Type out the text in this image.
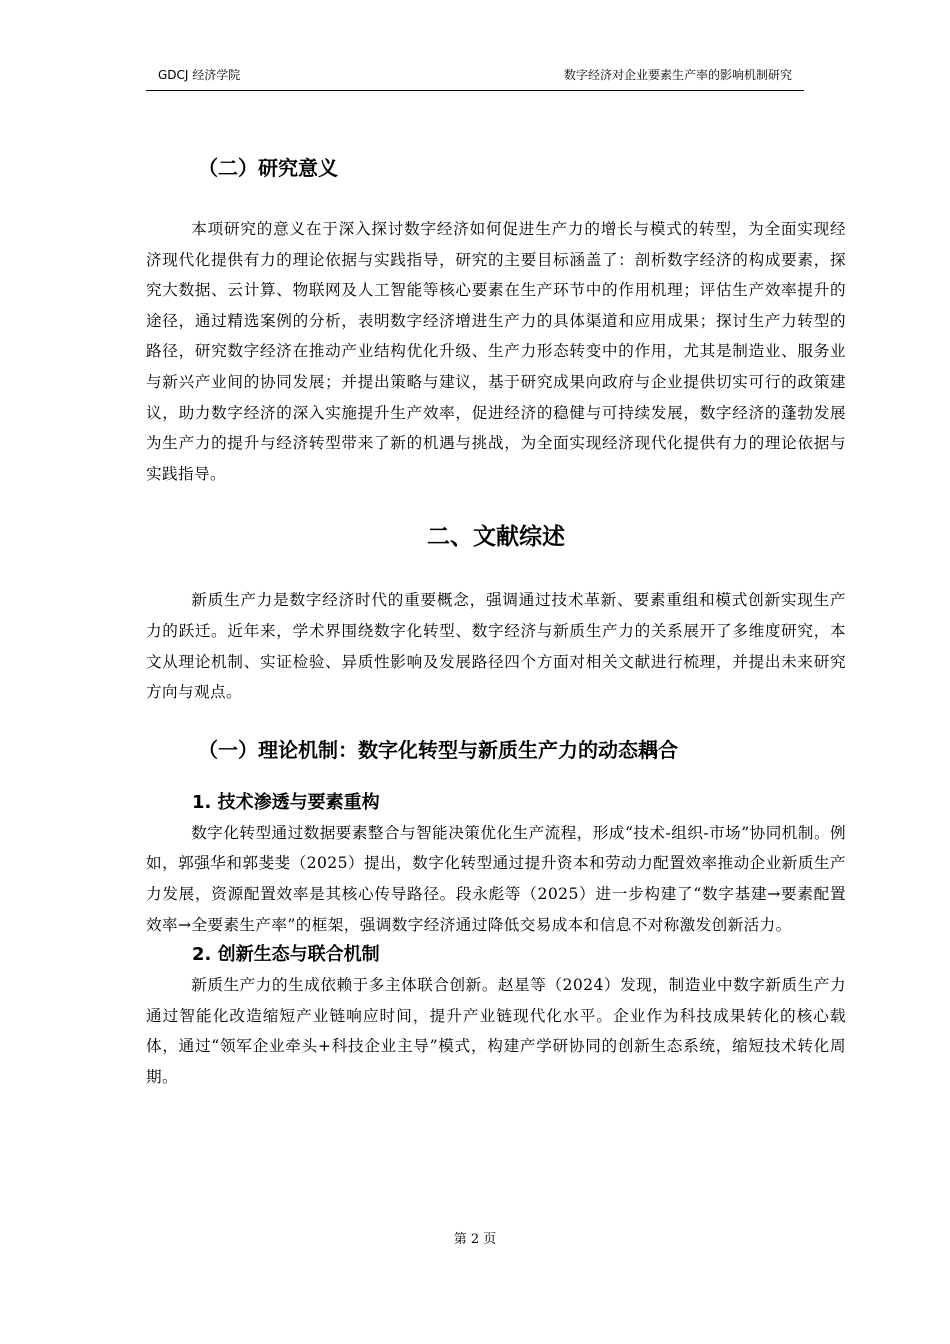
GDCJ 经济学院	数字经济对企业要素生产率的影响机制研究
（二）研究意义

本项研究的意义在于深入探讨数字经济如何促进生产力的增长与模式的转型，为全面实现经济现代化提供有力的理论依据与实践指导，研究的主要目标涵盖了：剖析数字经济的构成要素，探究大数据、云计算、物联网及人工智能等核心要素在生产环节中的作用机理；评估生产效率提升的途径，通过精选案例的分析，表明数字经济增进生产力的具体渠道和应用成果；探讨生产力转型的路径，研究数字经济在推动产业结构优化升级、生产力形态转变中的作用，尤其是制造业、服务业与新兴产业间的协同发展；并提出策略与建议，基于研究成果向政府与企业提供切实可行的政策建议，助力数字经济的深入实施提升生产效率，促进经济的稳健与可持续发展，数字经济的蓬勃发展为生产力的提升与经济转型带来了新的机遇与挑战，为全面实现经济现代化提供有力的理论依据与实践指导。

二、文献综述

新质生产力是数字经济时代的重要概念，强调通过技术革新、要素重组和模式创新实现生产力的跃迁。近年来，学术界围绕数字化转型、数字经济与新质生产力的关系展开了多维度研究，本文从理论机制、实证检验、异质性影响及发展路径四个方面对相关文献进行梳理，并提出未来研究方向与观点。

（一）理论机制：数字化转型与新质生产力的动态耦合
1. 技术渗透与要素重构

数字化转型通过数据要素整合与智能决策优化生产流程，形成“技术-组织-市场”协同机制。例如，郭强华和郭斐斐（2025）提出，数字化转型通过提升资本和劳动力配置效率推动企业新质生产力发展，资源配置效率是其核心传导路径。段永彪等（2025）进一步构建了“数字基建→要素配置效率→全要素生产率”的框架，强调数字经济通过降低交易成本和信息不对称激发创新活力。

2. 创新生态与联合机制

新质生产力的生成依赖于多主体联合创新。赵星等（2024）发现，制造业中数字新质生产力通过智能化改造缩短产业链响应时间，提升产业链现代化水平。企业作为科技成果转化的核心载体，通过“领军企业牵头+科技企业主导”模式，构建产学研协同的创新生态系统，缩短技术转化周期。

第 2 页
